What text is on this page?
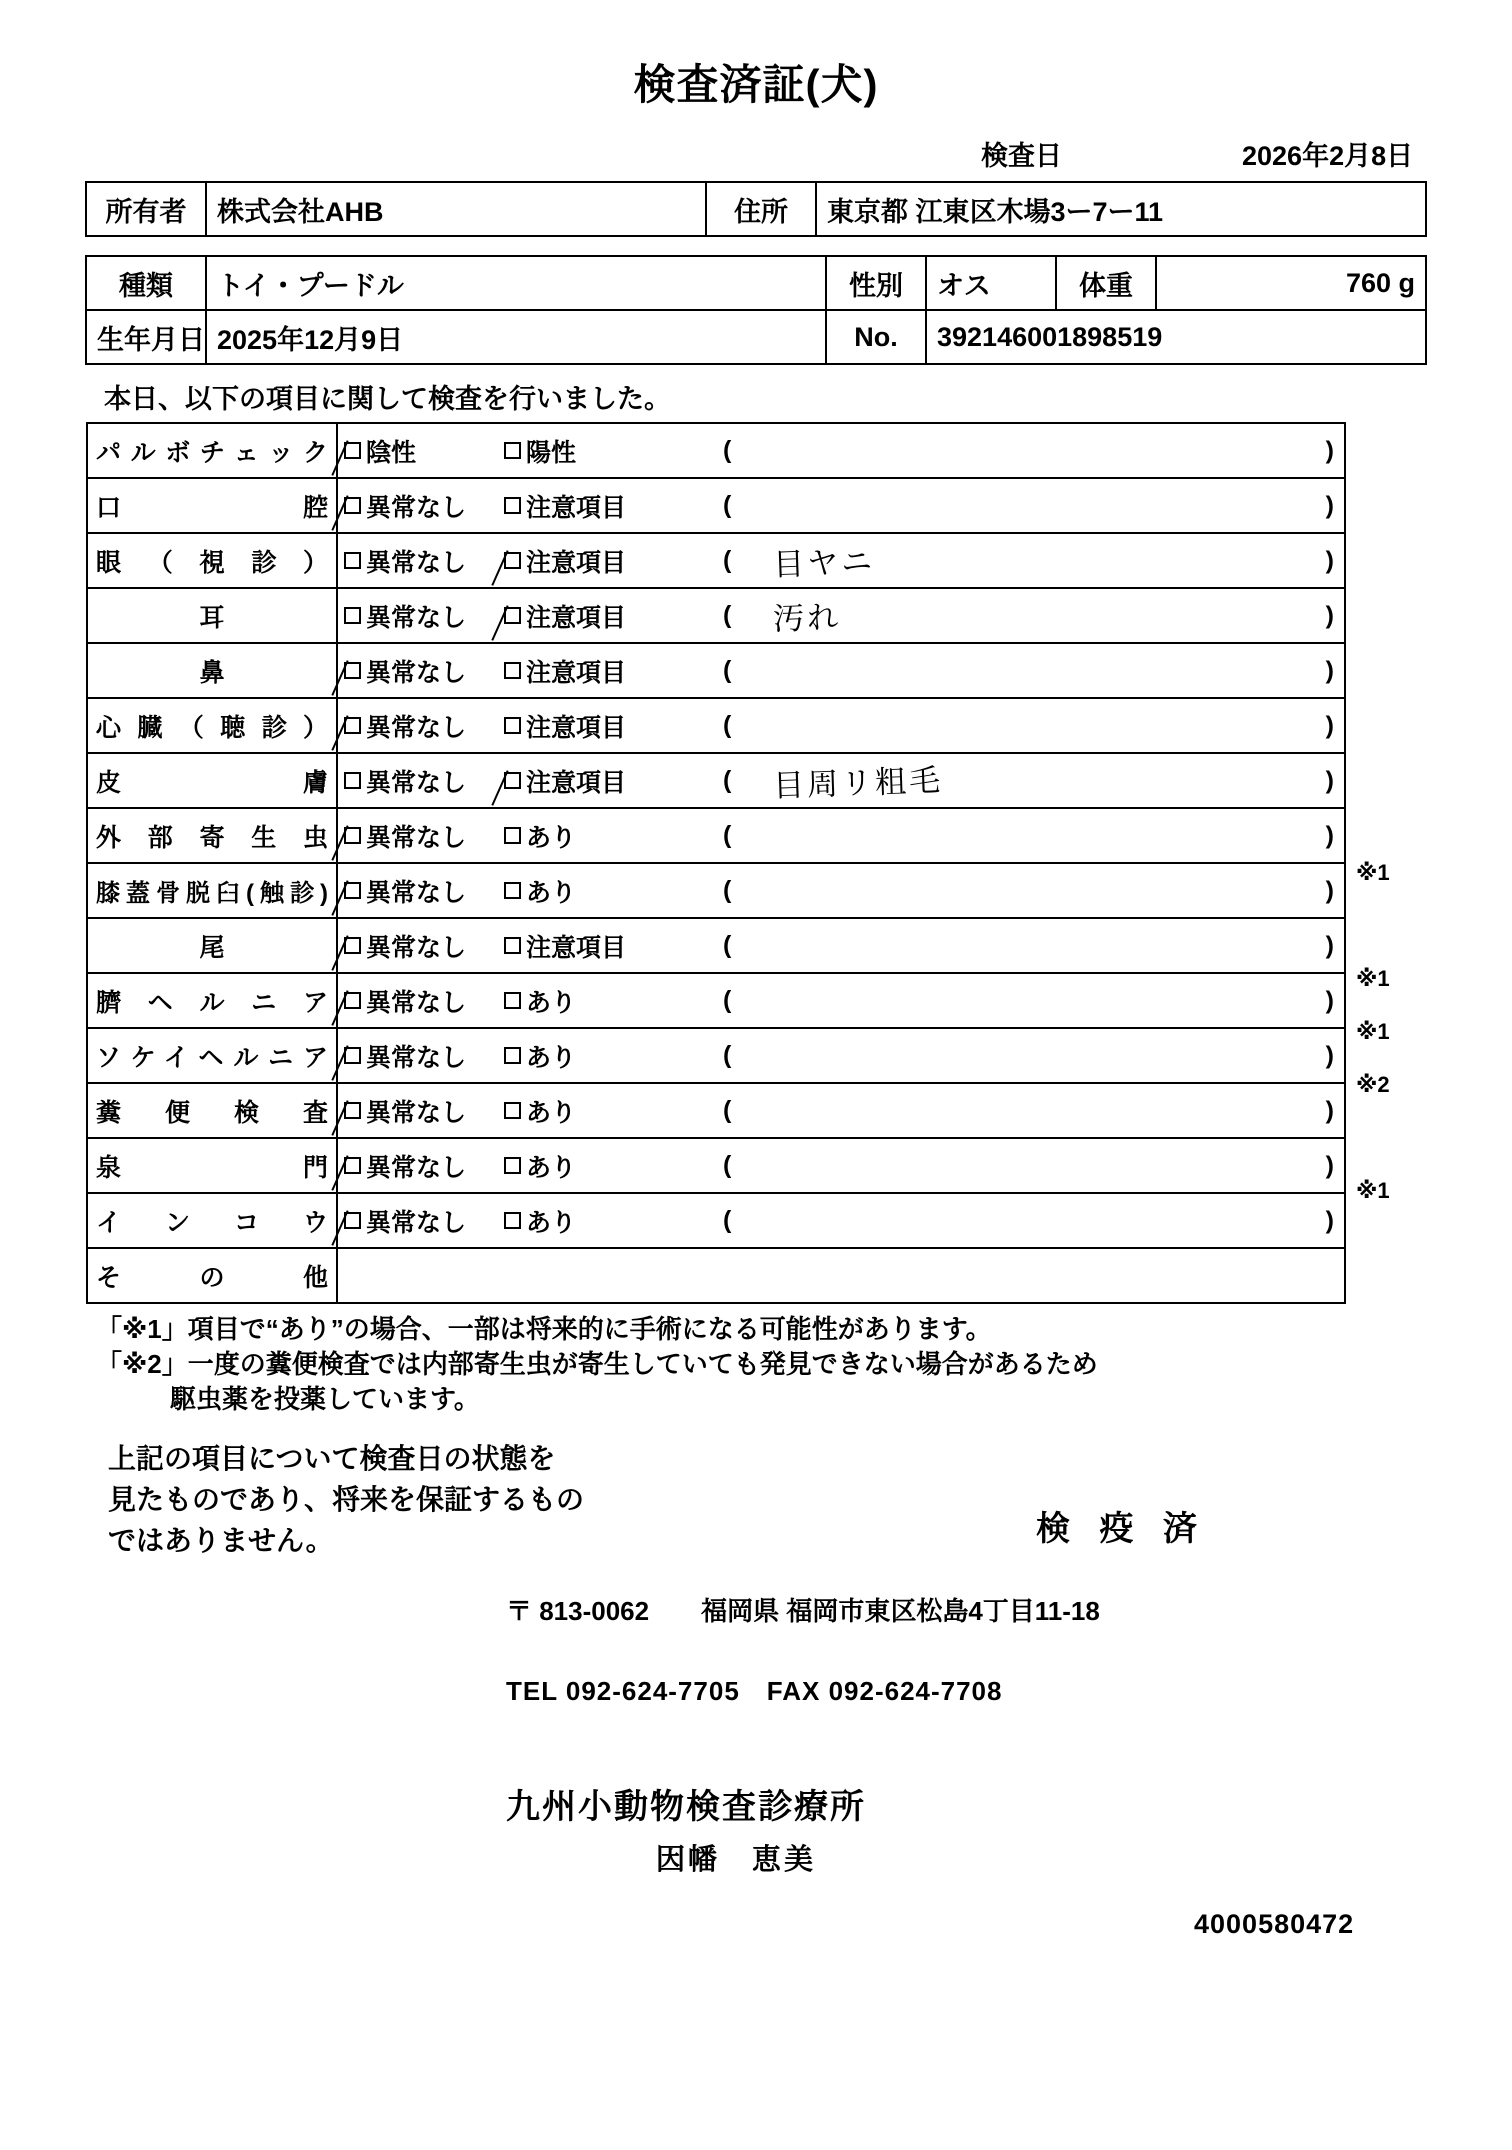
検査済証(犬)
検査日	2026年2月8日
所有者	株式会社AHB	住所	東京都 江東区木場3ー7ー11
種類	トイ・プードル	性別	オス	体重	760 g
生年月日	2025年12月9日	No.	392146001898519		
本日、以下の項目に関して検査を行いました。
パルボチェック	陰性 陽性 ( )

口　　　　腔	異常なし 注意項目 ( )

眼（視診）	異常なし 注意項目 ( 目ヤニ )

耳	異常なし 注意項目 ( 汚れ )

鼻	異常なし 注意項目 ( )

心臓（聴診）	異常なし 注意項目 ( )

皮　　　　膚	異常なし 注意項目 ( 目周リ粗毛 )

外部寄生虫	異常なし あり ( )

膝蓋骨脱臼(触診)	異常なし あり ( )

尾	異常なし 注意項目 ( )

臍ヘルニア	異常なし あり ( )

ソケイヘルニア	異常なし あり ( )

糞便検査	異常なし あり ( )

泉　　　　門	異常なし あり ( )

インコウ	異常なし あり ( )

そ　の　他	
※1
※1
※1
※2
※1
「※1」項目で“あり”の場合、一部は将来的に手術になる可能性があります。
「※2」一度の糞便検査では内部寄生虫が寄生していても発見できない場合があるため
駆虫薬を投薬しています。
上記の項目について検査日の状態を
見たものであり、将来を保証するもの
ではありません。	検 疫 済
〒 813-0062　　福岡県 福岡市東区松島4丁目11-18
TEL 092-624-7705　FAX 092-624-7708
九州小動物検査診療所
因幡　恵美
4000580472
